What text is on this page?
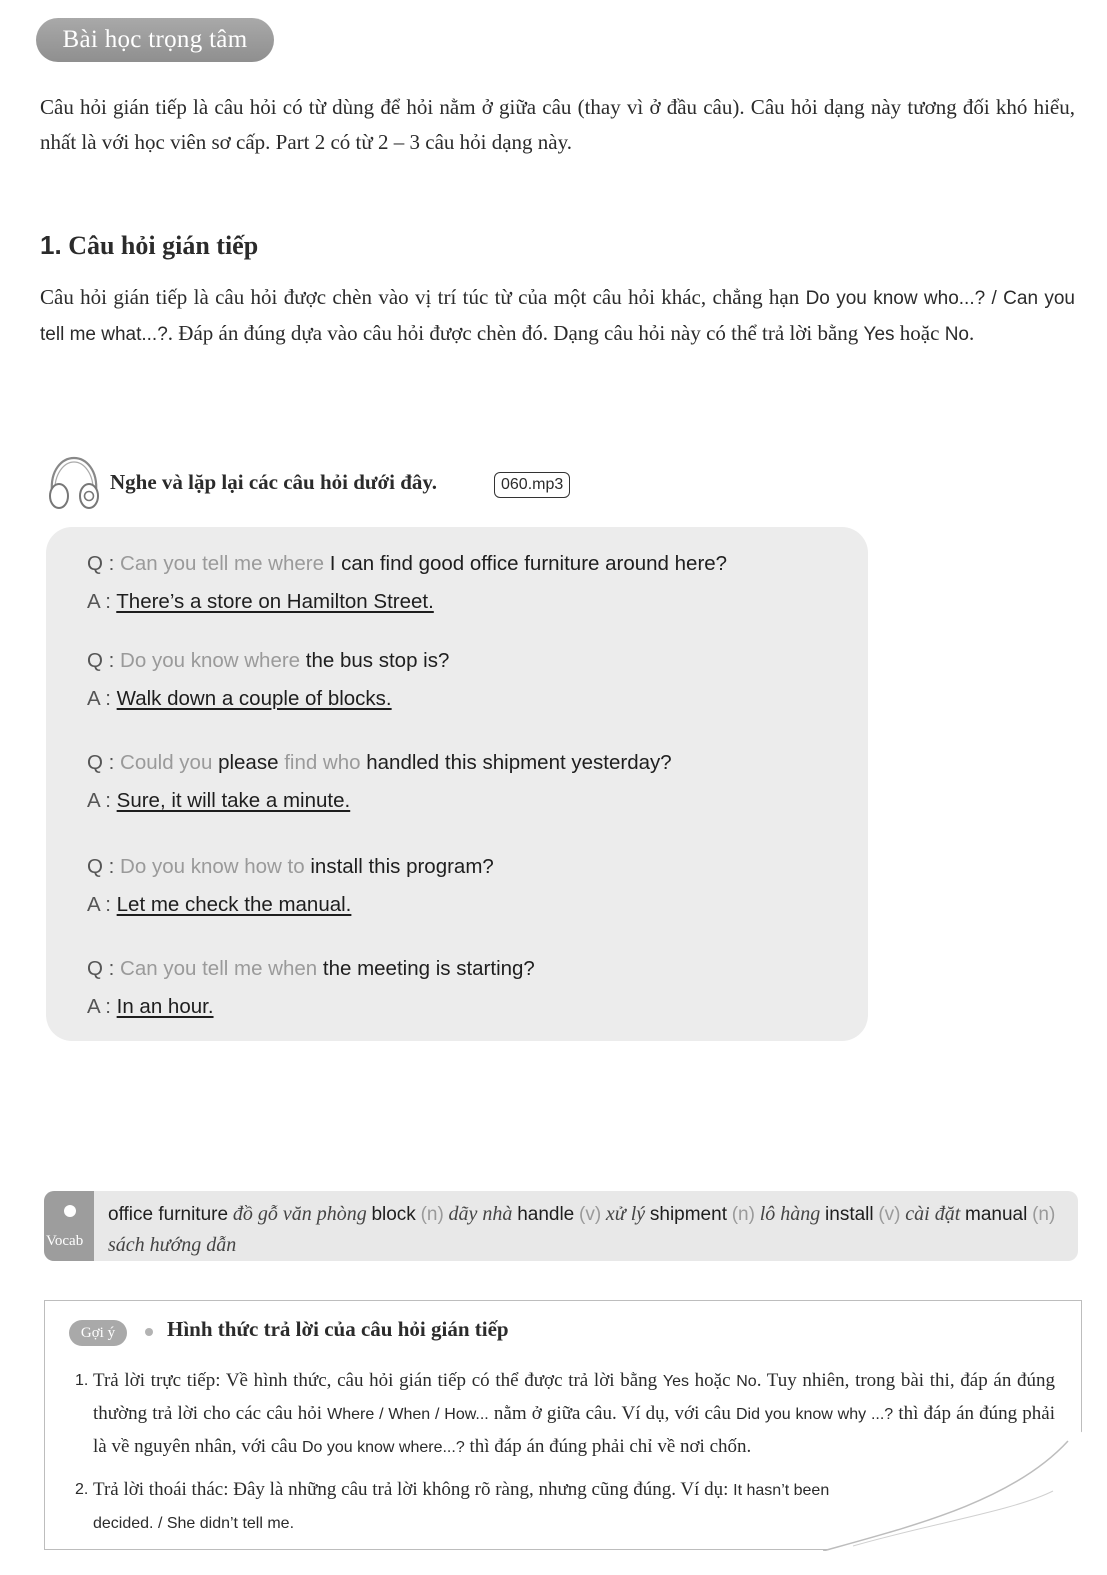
Bài học trọng tâm

Câu hỏi gián tiếp là câu hỏi có từ dùng để hỏi nằm ở giữa câu (thay vì ở đầu câu). Câu hỏi dạng này tương đối khó hiểu, nhất là với học viên sơ cấp. Part 2 có từ 2 – 3 câu hỏi dạng này.

1. Câu hỏi gián tiếp

Câu hỏi gián tiếp là câu hỏi được chèn vào vị trí túc từ của một câu hỏi khác, chẳng hạn Do you know who...? / Can you tell me what...?. Đáp án đúng dựa vào câu hỏi được chèn đó. Dạng câu hỏi này có thể trả lời bằng Yes hoặc No.

Nghe và lặp lại các câu hỏi dưới đây.	060.mp3
Q : Can you tell me where I can find good office furniture around here?
A : There’s a store on Hamilton Street.
Q : Do you know where the bus stop is?
A : Walk down a couple of blocks.
Q : Could you please find who handled this shipment yesterday?
A : Sure, it will take a minute.
Q : Do you know how to install this program?
A : Let me check the manual.
Q : Can you tell me when the meeting is starting?
A : In an hour.
Vocab
office furniture đồ gỗ văn phòng block (n) dãy nhà handle (v) xử lý shipment (n) lô hàng install (v) cài đặt manual (n) sách hướng dẫn
Gợi ý	Hình thức trả lời của câu hỏi gián tiếp
1. Trả lời trực tiếp: Về hình thức, câu hỏi gián tiếp có thể được trả lời bằng Yes hoặc No. Tuy nhiên, trong bài thi, đáp án đúng thường trả lời cho các câu hỏi Where / When / How... nằm ở giữa câu. Ví dụ, với câu Did you know why ...? thì đáp án đúng phải là về nguyên nhân, với câu Do you know where...? thì đáp án đúng phải chỉ về nơi chốn.
2. Trả lời thoái thác: Đây là những câu trả lời không rõ ràng, nhưng cũng đúng. Ví dụ: It hasn’t been decided. / She didn’t tell me.
